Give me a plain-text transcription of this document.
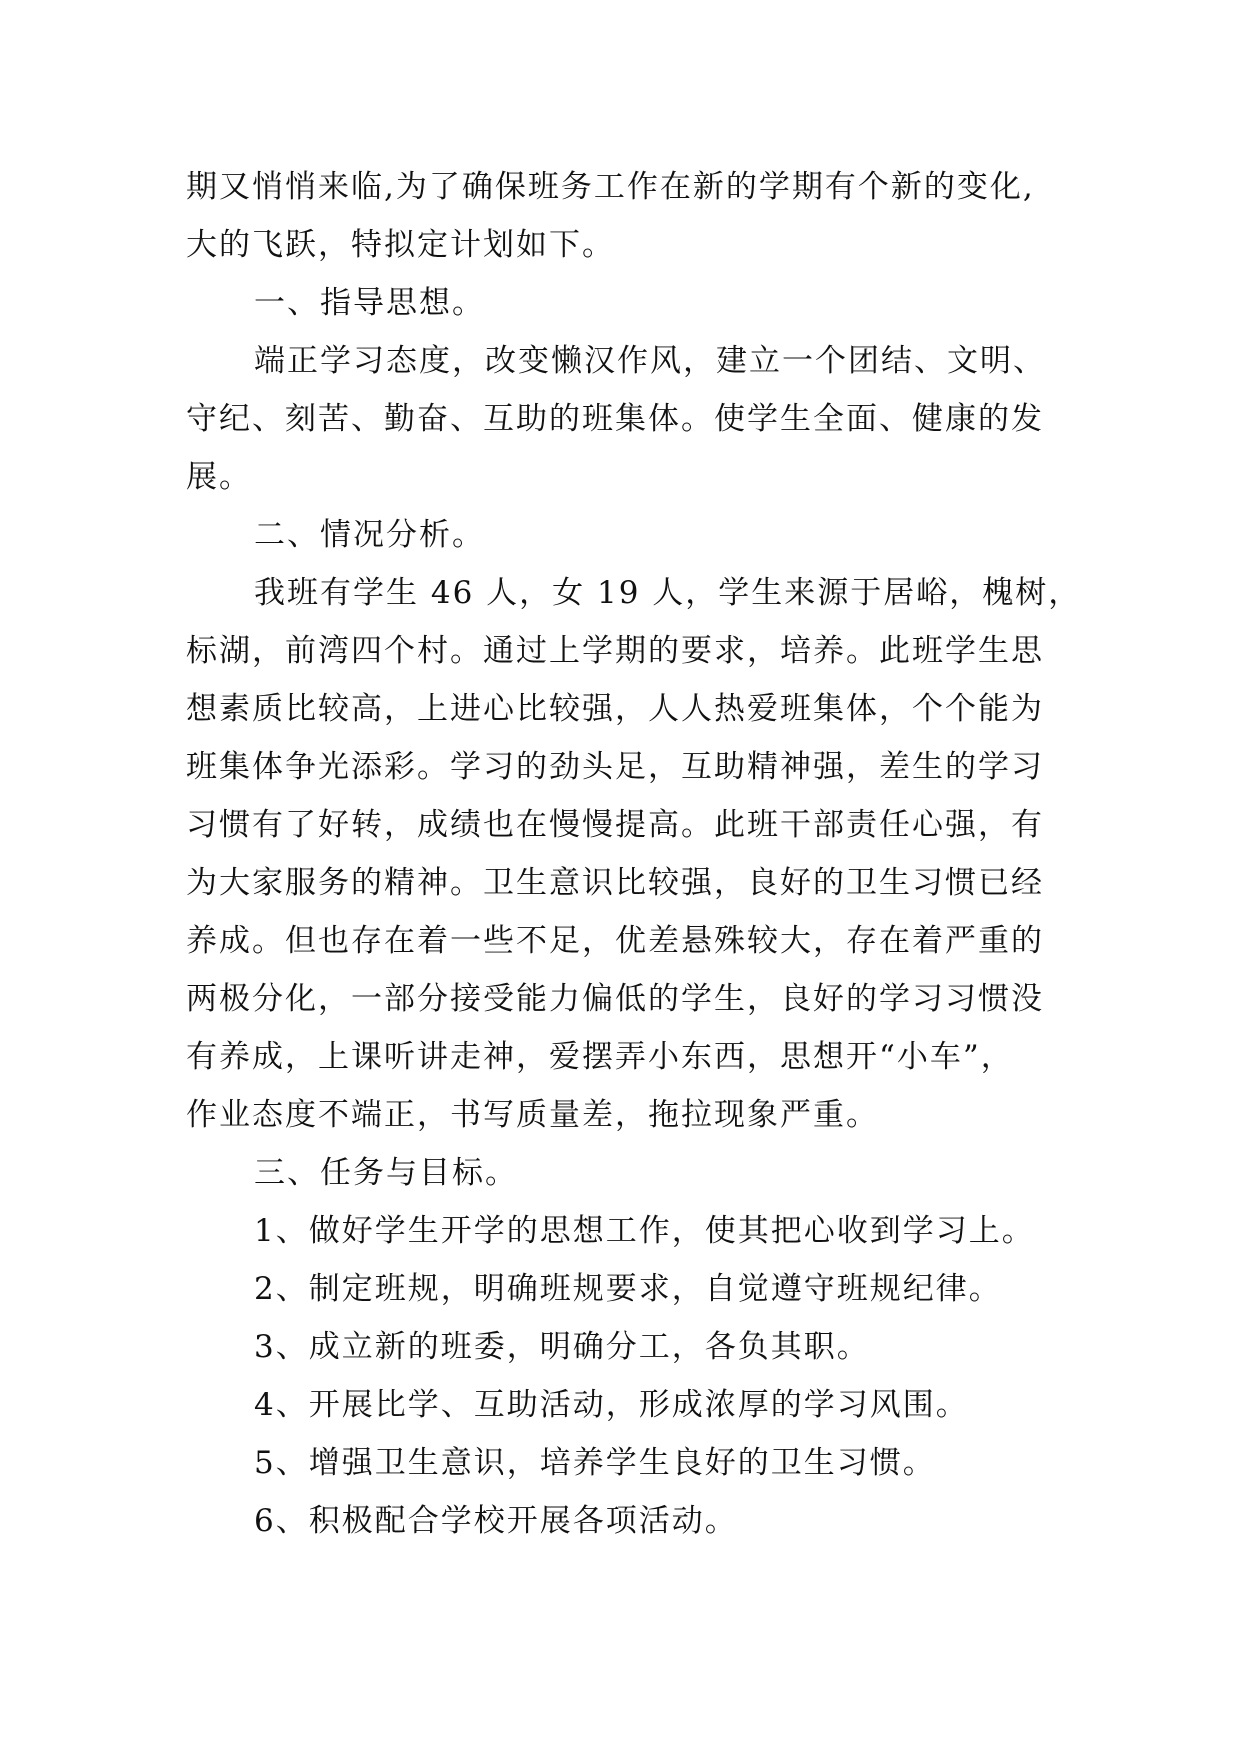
期又悄悄来临,为了确保班务工作在新的学期有个新的变化,
大的飞跃，特拟定计划如下。
一、指导思想。
端正学习态度，改变懒汉作风，建立一个团结、文明、
守纪、刻苦、勤奋、互助的班集体。使学生全面、健康的发
展。
二、情况分析。
我班有学生 46 人，女 19 人，学生来源于居峪，槐树，
标湖，前湾四个村。通过上学期的要求，培养。此班学生思
想素质比较高，上进心比较强，人人热爱班集体，个个能为
班集体争光添彩。学习的劲头足，互助精神强，差生的学习
习惯有了好转，成绩也在慢慢提高。此班干部责任心强，有
为大家服务的精神。卫生意识比较强，良好的卫生习惯已经
养成。但也存在着一些不足，优差悬殊较大，存在着严重的
两极分化，一部分接受能力偏低的学生，良好的学习习惯没
有养成，上课听讲走神，爱摆弄小东西，思想开“小车”，
作业态度不端正，书写质量差，拖拉现象严重。
三、任务与目标。
1、做好学生开学的思想工作，使其把心收到学习上。
2、制定班规，明确班规要求，自觉遵守班规纪律。
3、成立新的班委，明确分工，各负其职。
4、开展比学、互助活动，形成浓厚的学习风围。
5、增强卫生意识，培养学生良好的卫生习惯。
6、积极配合学校开展各项活动。
